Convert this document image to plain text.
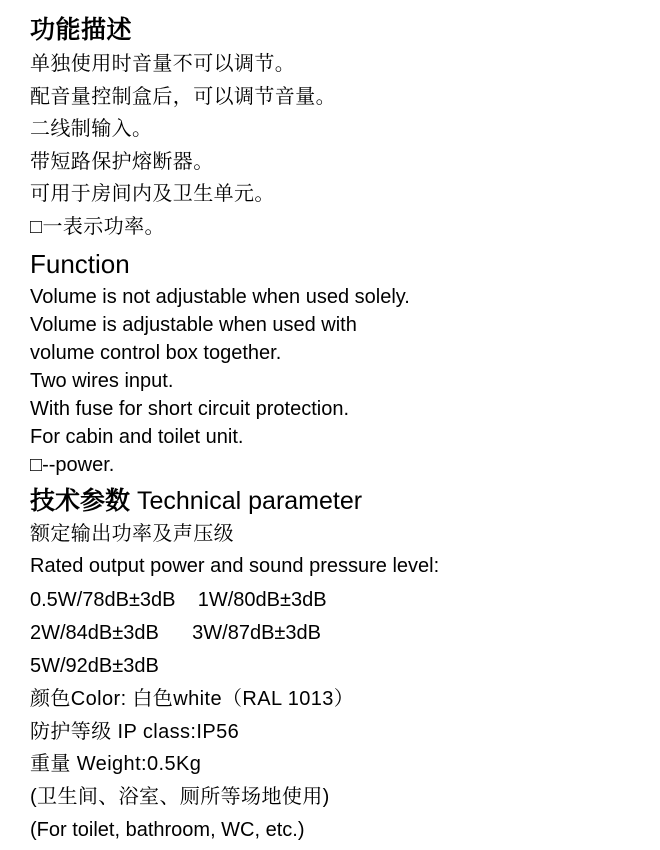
功能描述

单独使用时音量不可以调节。

配音量控制盒后，可以调节音量。

二线制输入。

带短路保护熔断器。

可用于房间内及卫生单元。

□一表示功率。

Function

Volume is not adjustable when used solely.

Volume is adjustable when used with

volume control box together.

Two wires input.

With fuse for short circuit protection.

For cabin and toilet unit.

□--power.

技术参数 Technical parameter

额定输出功率及声压级

Rated output power and sound pressure level:

0.5W/78dB±3dB    1W/80dB±3dB

2W/84dB±3dB      3W/87dB±3dB

5W/92dB±3dB

颜色Color: 白色white（RAL 1013）

防护等级 IP class:IP56

重量 Weight:0.5Kg

(卫生间、浴室、厕所等场地使用)

(For toilet, bathroom, WC, etc.)
